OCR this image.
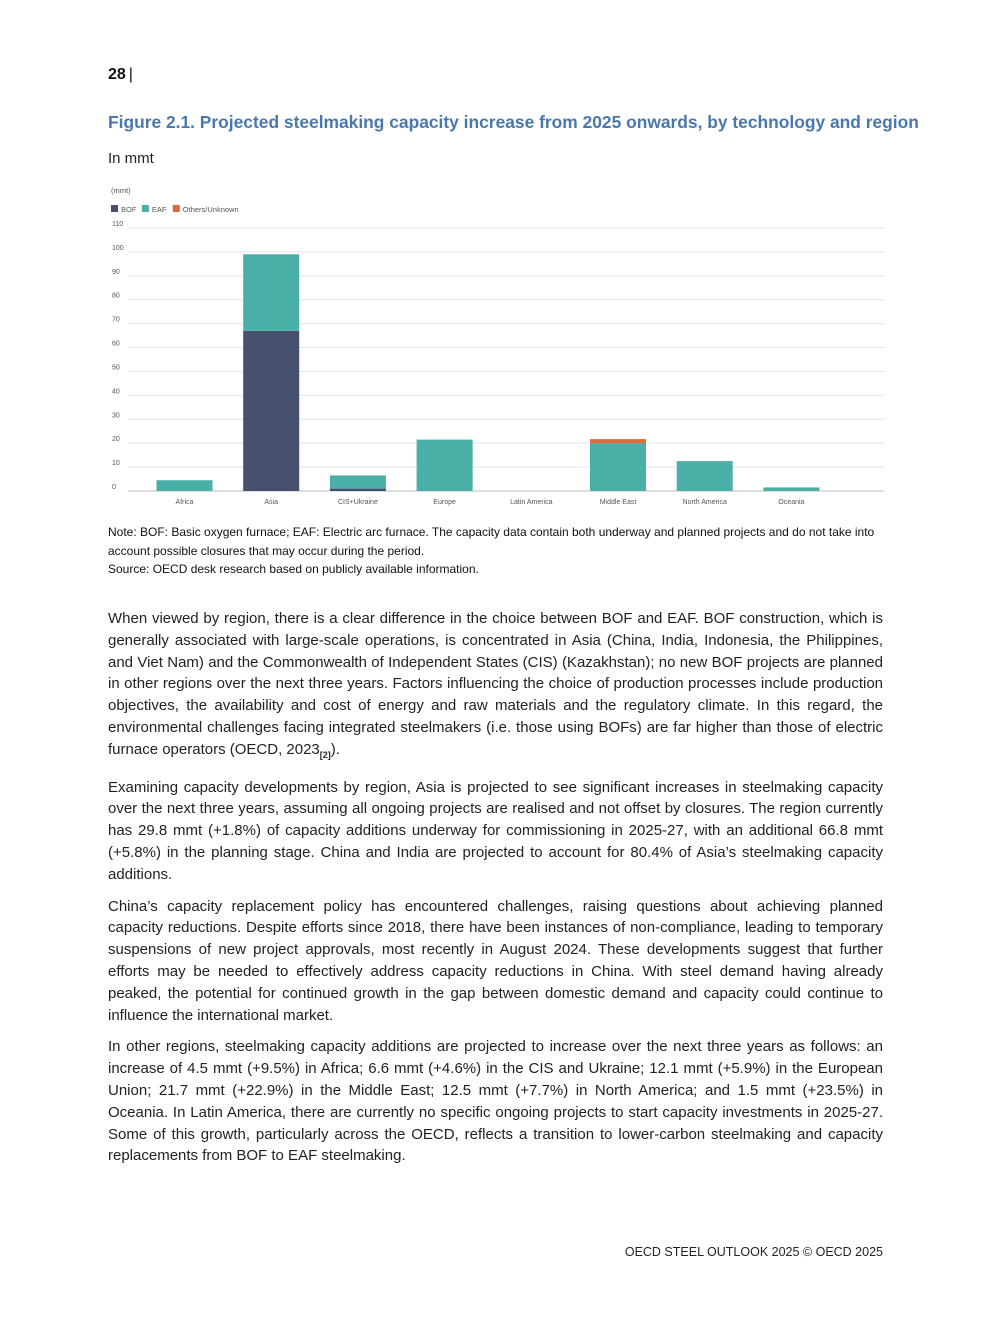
28 |
Figure 2.1. Projected steelmaking capacity increase from 2025 onwards, by technology and region
In mmt
BOF EAF Others/Unknown
0
10
20
30
40
50
60
70
80
90
100
110
Africa	Asia	CIS+Ukraine	Europe	Latin America	Middle East	North America	Oceania
(mmt)

Note: BOF: Basic oxygen furnace; EAF: Electric arc furnace. The capacity data contain both underway and planned projects and do not take into account possible closures that may occur during the period.

Source: OECD desk research based on publicly available information.

When viewed by region, there is a clear difference in the choice between BOF and EAF. BOF construction, which is generally associated with large-scale operations, is concentrated in Asia (China, India, Indonesia, the Philippines, and Viet Nam) and the Commonwealth of Independent States (CIS) (Kazakhstan); no new BOF projects are planned in other regions over the next three years. Factors influencing the choice of production processes include production objectives, the availability and cost of energy and raw materials and the regulatory climate. In this regard, the environmental challenges facing integrated steelmakers (i.e. those using BOFs) are far higher than those of electric furnace operators (OECD, $2023_{[2]}$).

Examining capacity developments by region, Asia is projected to see significant increases in steelmaking capacity over the next three years, assuming all ongoing projects are realised and not offset by closures. The region currently has 29.8 mmt (+1.8%) of capacity additions underway for commissioning in 2025-27, with an additional 66.8 mmt (+5.8%) in the planning stage. China and India are projected to account for 80.4% of Asia’s steelmaking capacity additions.

China’s capacity replacement policy has encountered challenges, raising questions about achieving planned capacity reductions. Despite efforts since 2018, there have been instances of non-compliance, leading to temporary suspensions of new project approvals, most recently in August 2024. These developments suggest that further efforts may be needed to effectively address capacity reductions in China. With steel demand having already peaked, the potential for continued growth in the gap between domestic demand and capacity could continue to influence the international market.

In other regions, steelmaking capacity additions are projected to increase over the next three years as follows: an increase of 4.5 mmt (+9.5%) in Africa; 6.6 mmt (+4.6%) in the CIS and Ukraine; 12.1 mmt (+5.9%) in the European Union; 21.7 mmt (+22.9%) in the Middle East; 12.5 mmt (+7.7%) in North America; and 1.5 mmt (+23.5%) in Oceania. In Latin America, there are currently no specific ongoing projects to start capacity investments in 2025-27. Some of this growth, particularly across the OECD, reflects a transition to lower-carbon steelmaking and capacity replacements from BOF to EAF steelmaking.

OECD STEEL OUTLOOK 2025 © OECD 2025
